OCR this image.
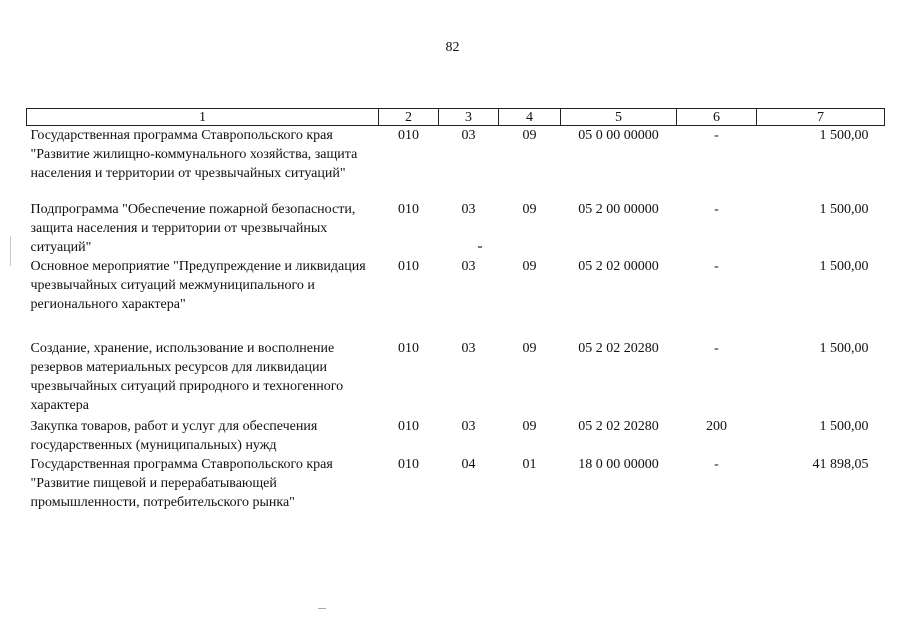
82
1	2	3	4	5	6	7
Государственная программа Ставропольского края "Развитие жилищно-коммунального хозяйства, защита населения и территории от чрезвычайных ситуаций"	010	03	09	05 0 00 00000	-	1 500,00
Подпрограмма "Обеспечение пожарной безопасности, защита населения и территории от чрезвычайных ситуаций"	010	03	09	05 2 00 00000	-	1 500,00
Основное мероприятие "Предупреждение и ликвидация чрезвычайных ситуаций межмуниципального и регионального характера"	010	03	09	05 2 02 00000	-	1 500,00
Создание, хранение, использование и восполнение резервов материальных ресурсов для ликвидации чрезвычайных ситуаций природного и техногенного характера	010	03	09	05 2 02 20280	-	1 500,00
Закупка товаров, работ и услуг для обеспечения государственных (муниципальных) нужд	010	03	09	05 2 02 20280	200	1 500,00
Государственная программа Ставропольского края "Развитие пищевой и перерабатывающей промышленности, потребительского рынка"	010	04	01	18 0 00 00000	-	41 898,05
